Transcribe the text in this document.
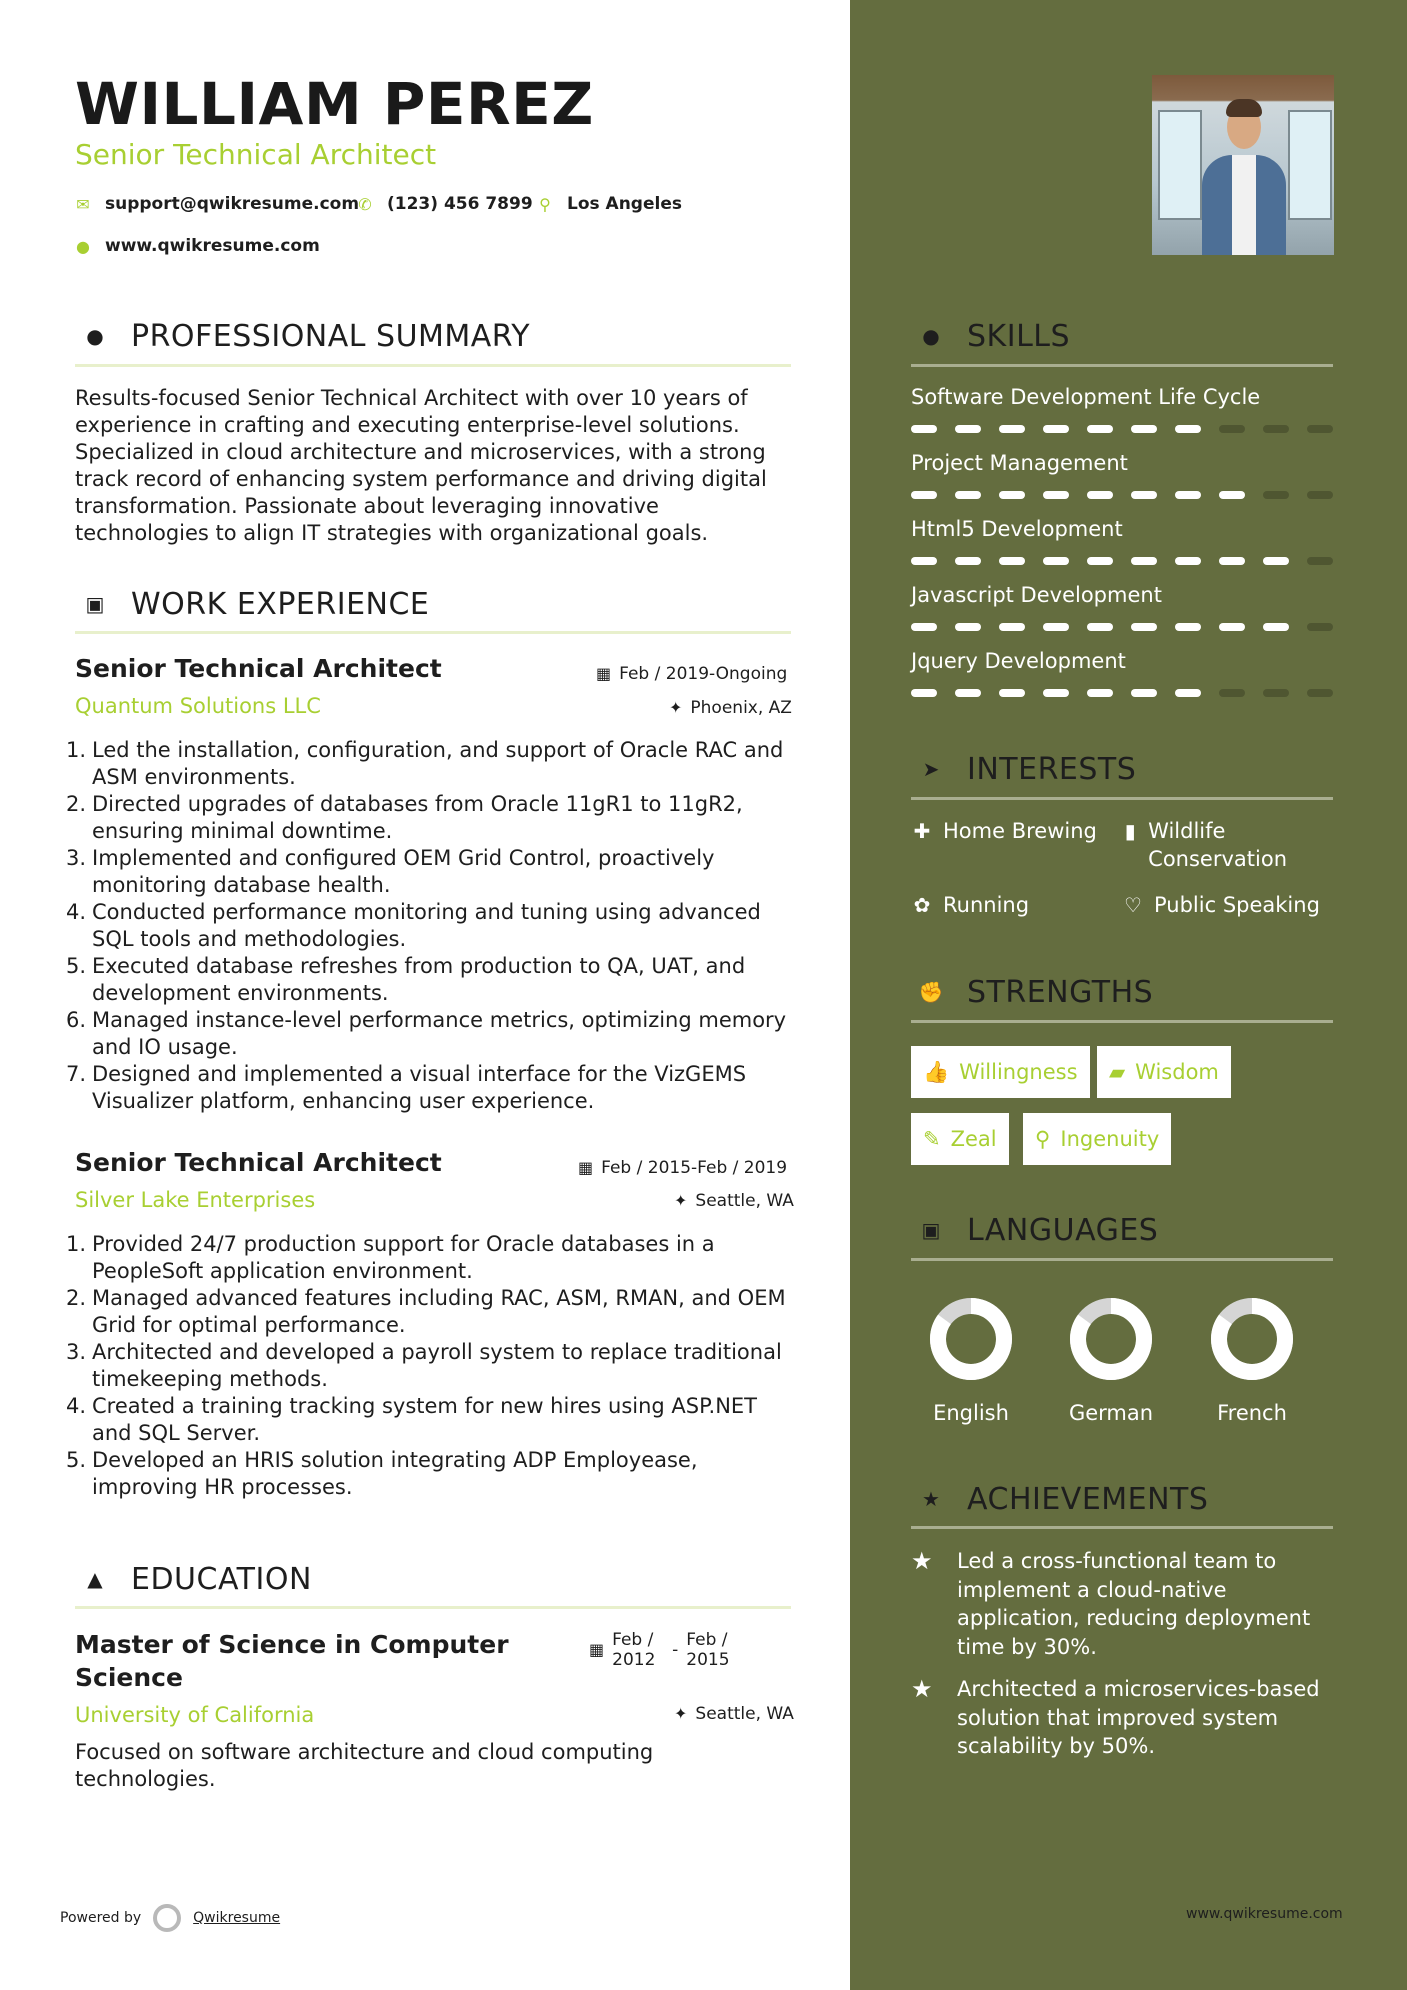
WILLIAM PEREZ
Senior Technical Architect
✉ support@qwikresume.com ✆ (123) 456 7899 ⚲ Los Angeles
● www.qwikresume.com
● PROFESSIONAL SUMMARY
Results-focused Senior Technical Architect with over 10 years of experience in crafting and executing enterprise-level solutions. Specialized in cloud architecture and microservices, with a strong track record of enhancing system performance and driving digital transformation. Passionate about leveraging innovative technologies to align IT strategies with organizational goals.
▣ WORK EXPERIENCE
Senior Technical Architect
Quantum Solutions LLC
▦ Feb / 2019-Ongoing
✦ Phoenix, AZ
1. Led the installation, configuration, and support of Oracle RAC and ASM environments.
2. Directed upgrades of databases from Oracle 11gR1 to 11gR2, ensuring minimal downtime.
3. Implemented and configured OEM Grid Control, proactively monitoring database health.
4. Conducted performance monitoring and tuning using advanced SQL tools and methodologies.
5. Executed database refreshes from production to QA, UAT, and development environments.
6. Managed instance-level performance metrics, optimizing memory and IO usage.
7. Designed and implemented a visual interface for the VizGEMS Visualizer platform, enhancing user experience.
Senior Technical Architect
Silver Lake Enterprises
▦ Feb / 2015-Feb / 2019
✦ Seattle, WA
1. Provided 24/7 production support for Oracle databases in a PeopleSoft application environment.
2. Managed advanced features including RAC, ASM, RMAN, and OEM Grid for optimal performance.
3. Architected and developed a payroll system to replace traditional timekeeping methods.
4. Created a training tracking system for new hires using ASP.NET and SQL Server.
5. Developed an HRIS solution integrating ADP Employease, improving HR processes.
▲ EDUCATION
Master of Science in Computer Science
University of California
▦ Feb / 2012 - Feb / 2015
✦ Seattle, WA
Focused on software architecture and cloud computing technologies.
Powered by	Qwikresume	www.qwikresume.com
● SKILLS
Software Development Life Cycle
Project Management
Html5 Development
Javascript Development
Jquery Development
➤ INTERESTS
✚ Home Brewing ▮ Wildlife Conservation
✿ Running	♡ Public Speaking
✊ STRENGTHS
👍 Willingness ▰ Wisdom
✎ Zeal ⚲ Ingenuity
▣ LANGUAGES
English	German	French
★ ACHIEVEMENTS
★	Led a cross-functional team to implement a cloud-native application, reducing deployment time by 30%.
★	Architected a microservices-based solution that improved system scalability by 50%.
